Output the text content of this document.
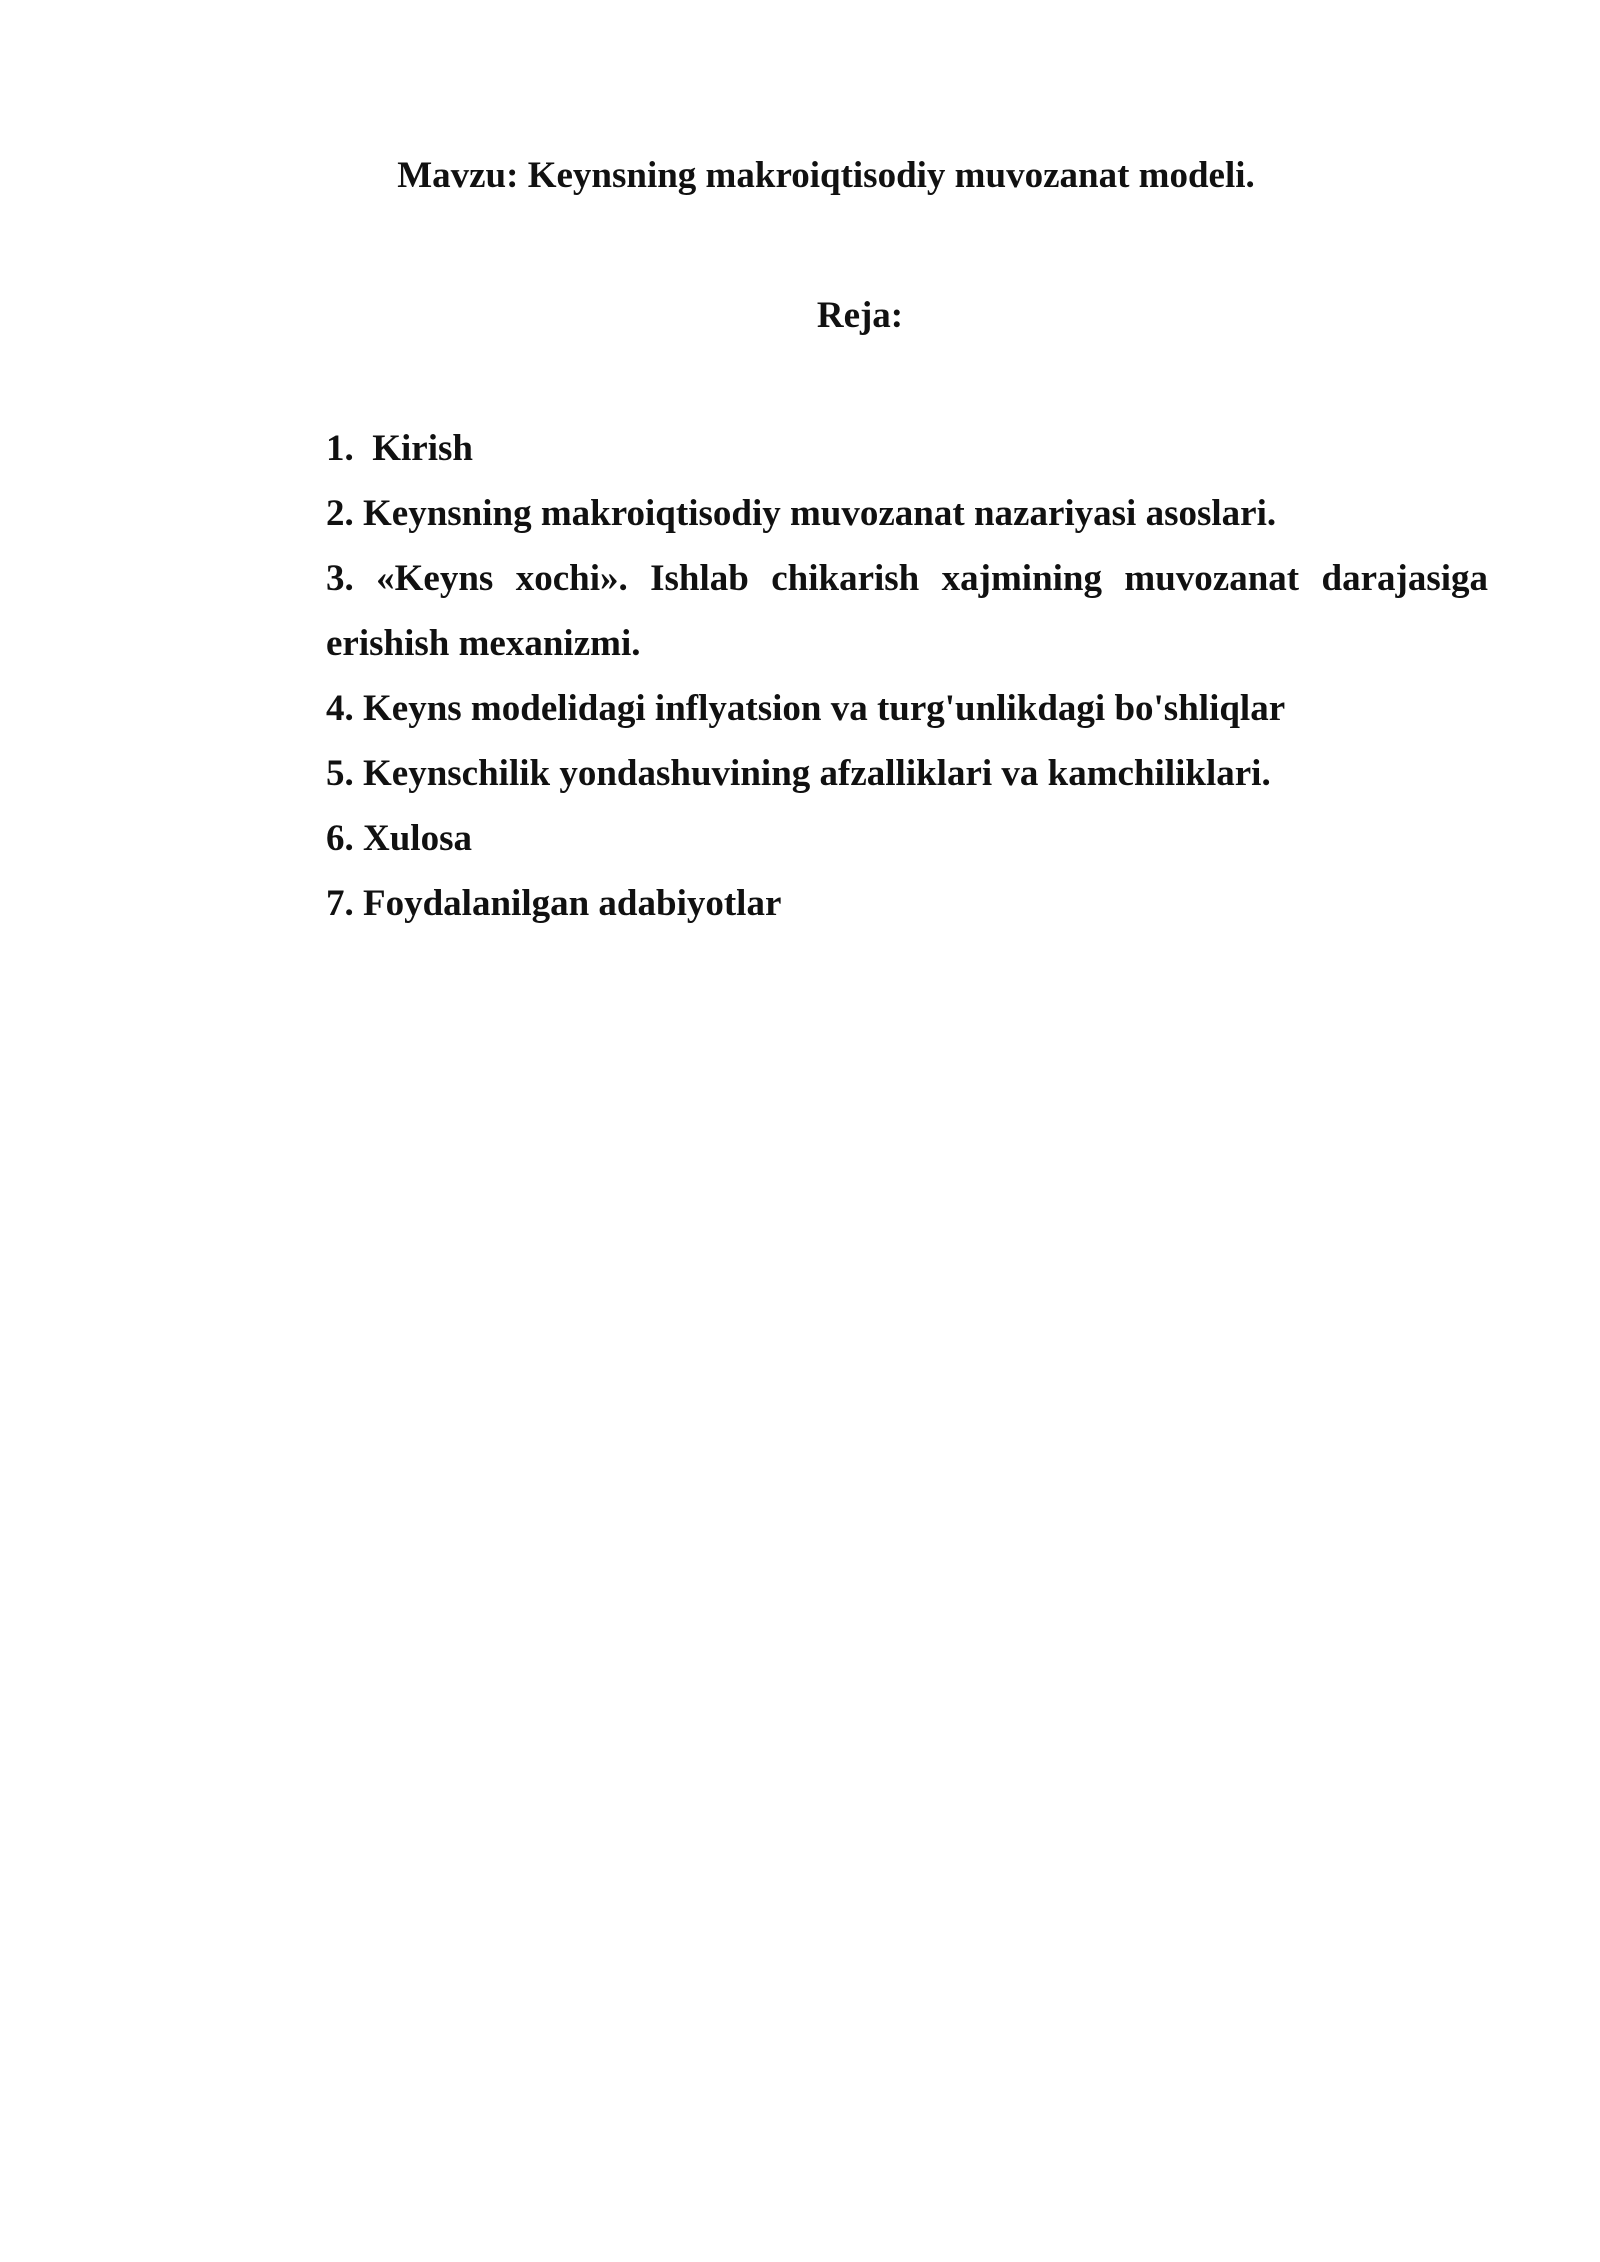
Mavzu: Keynsning makroiqtisodiy muvozanat modeli.
Reja:
1.  Kirish
2. Keynsning makroiqtisodiy muvozanat nazariyasi asoslari.
3. «Keyns xochi». Ishlab chikarish xajmining muvozanat darajasiga
erishish mexanizmi.
4. Keyns modelidagi inflyatsion va turg'unlikdagi bo'shliqlar
5. Keynschilik yondashuvining afzalliklari va kamchiliklari.
6. Xulosa
7. Foydalanilgan adabiyotlar
